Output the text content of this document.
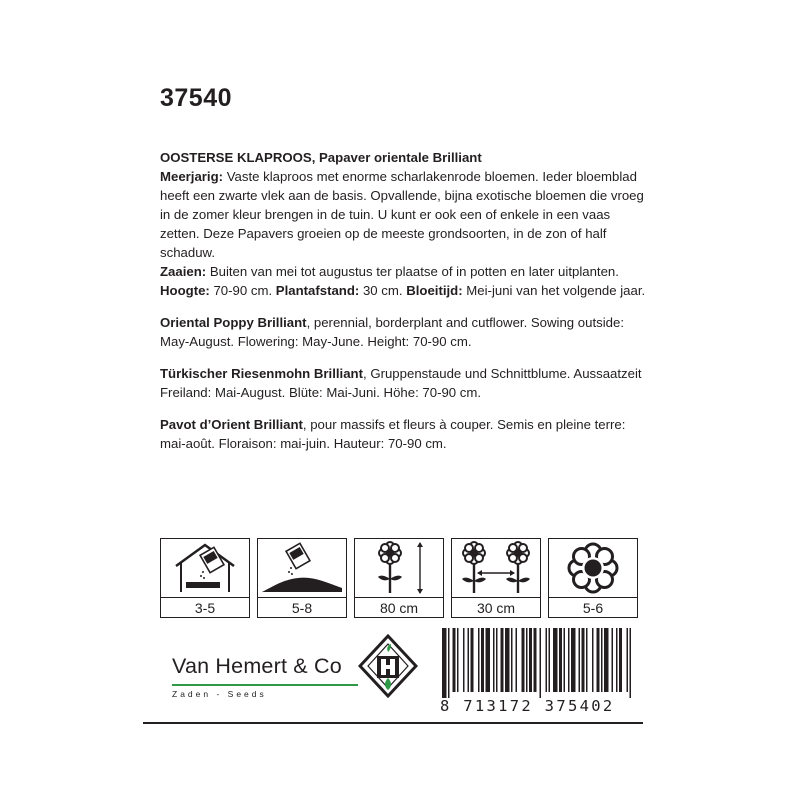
37540

OOSTERSE KLAPROOS, Papaver orientale Brilliant
Meerjarig: Vaste klaproos met enorme scharlakenrode bloemen. Ieder bloemblad heeft een zwarte vlek aan de basis. Opvallende, bijna exotische bloemen die vroeg in de zomer kleur brengen in de tuin. U kunt er ook een of enkele in een vaas zetten. Deze Papavers groeien op de meeste grondsoorten, in de zon of half schaduw.
Zaaien: Buiten van mei tot augustus ter plaatse of in potten en later uitplanten.
Hoogte: 70-90 cm. Plantafstand: 30 cm. Bloeitijd: Mei-juni van het volgende jaar.

Oriental Poppy Brilliant, perennial, borderplant and cutflower. Sowing outside: May-August. Flowering: May-June. Height: 70-90 cm.

Türkischer Riesenmohn Brilliant, Gruppenstaude und Schnittblume. Aussaatzeit Freiland: Mai-August. Blüte: Mai-Juni. Höhe: 70-90 cm.

Pavot d’Orient Brilliant, pour massifs et fleurs à couper. Semis en pleine terre: mai-août. Floraison: mai-juin. Hauteur: 70-90 cm.

3-5	5-8	80 cm	30 cm	5-6
Van Hemert & Co
Zaden - Seeds
8 713172 375402
